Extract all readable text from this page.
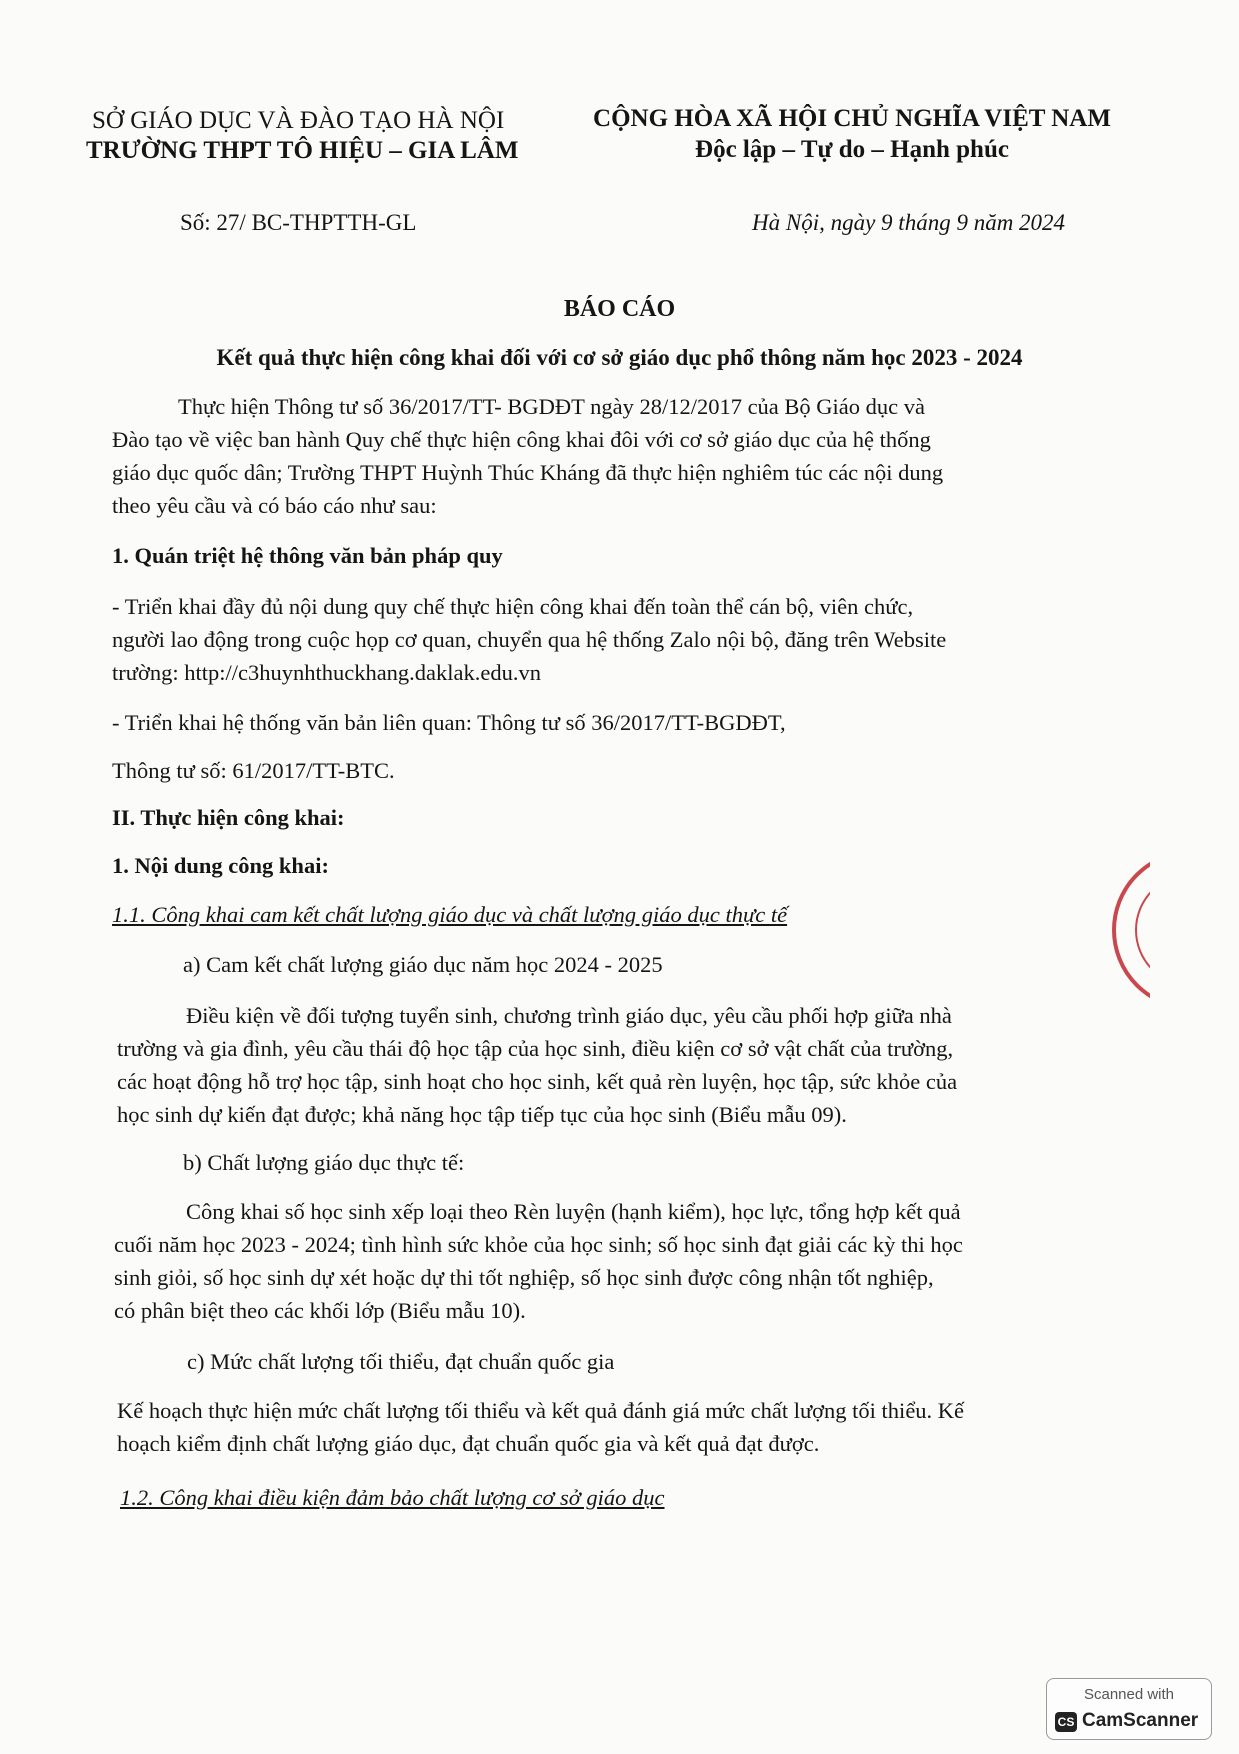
SỞ GIÁO DỤC VÀ ĐÀO TẠO HÀ NỘI
TRƯỜNG THPT TÔ HIỆU – GIA LÂM
CỘNG HÒA XÃ HỘI CHỦ NGHĨA VIỆT NAM
Độc lập – Tự do – Hạnh phúc
Số: 27/ BC-THPTTH-GL	Hà Nội, ngày 9 tháng 9 năm 2024
BÁO CÁO
Kết quả thực hiện công khai đối với cơ sở giáo dục phổ thông năm học 2023 - 2024
Thực hiện Thông tư số 36/2017/TT- BGDĐT ngày 28/12/2017 của Bộ Giáo dục và
Đào tạo về việc ban hành Quy chế thực hiện công khai đôi với cơ sở giáo dục của hệ thống
giáo dục quốc dân; Trường THPT Huỳnh Thúc Kháng đã thực hiện nghiêm túc các nội dung
theo yêu cầu và có báo cáo như sau:
1. Quán triệt hệ thông văn bản pháp quy
- Triển khai đầy đủ nội dung quy chế thực hiện công khai đến toàn thể cán bộ, viên chức,
người lao động trong cuộc họp cơ quan, chuyển qua hệ thống Zalo nội bộ, đăng trên Website
trường: http://c3huynhthuckhang.daklak.edu.vn
- Triển khai hệ thống văn bản liên quan: Thông tư số 36/2017/TT-BGDĐT,
Thông tư số: 61/2017/TT-BTC.
II. Thực hiện công khai:
1. Nội dung công khai:
1.1. Công khai cam kết chất lượng giáo dục và chất lượng giáo dục thực tế
a) Cam kết chất lượng giáo dục năm học 2024 - 2025
Điều kiện về đối tượng tuyển sinh, chương trình giáo dục, yêu cầu phối hợp giữa nhà
trường và gia đình, yêu cầu thái độ học tập của học sinh, điều kiện cơ sở vật chất của trường,
các hoạt động hỗ trợ học tập, sinh hoạt cho học sinh, kết quả rèn luyện, học tập, sức khỏe của
học sinh dự kiến đạt được; khả năng học tập tiếp tục của học sinh (Biểu mẫu 09).
b) Chất lượng giáo dục thực tế:
Công khai số học sinh xếp loại theo Rèn luyện (hạnh kiểm), học lực, tổng hợp kết quả
cuối năm học 2023 - 2024; tình hình sức khỏe của học sinh; số học sinh đạt giải các kỳ thi học
sinh giỏi, số học sinh dự xét hoặc dự thi tốt nghiệp, số học sinh được công nhận tốt nghiệp,
có phân biệt theo các khối lớp (Biểu mẫu 10).
c) Mức chất lượng tối thiểu, đạt chuẩn quốc gia
Kế hoạch thực hiện mức chất lượng tối thiểu và kết quả đánh giá mức chất lượng tối thiểu. Kế
hoạch kiểm định chất lượng giáo dục, đạt chuẩn quốc gia và kết quả đạt được.
1.2. Công khai điều kiện đảm bảo chất lượng cơ sở giáo dục
Scanned with
CS CamScanner
